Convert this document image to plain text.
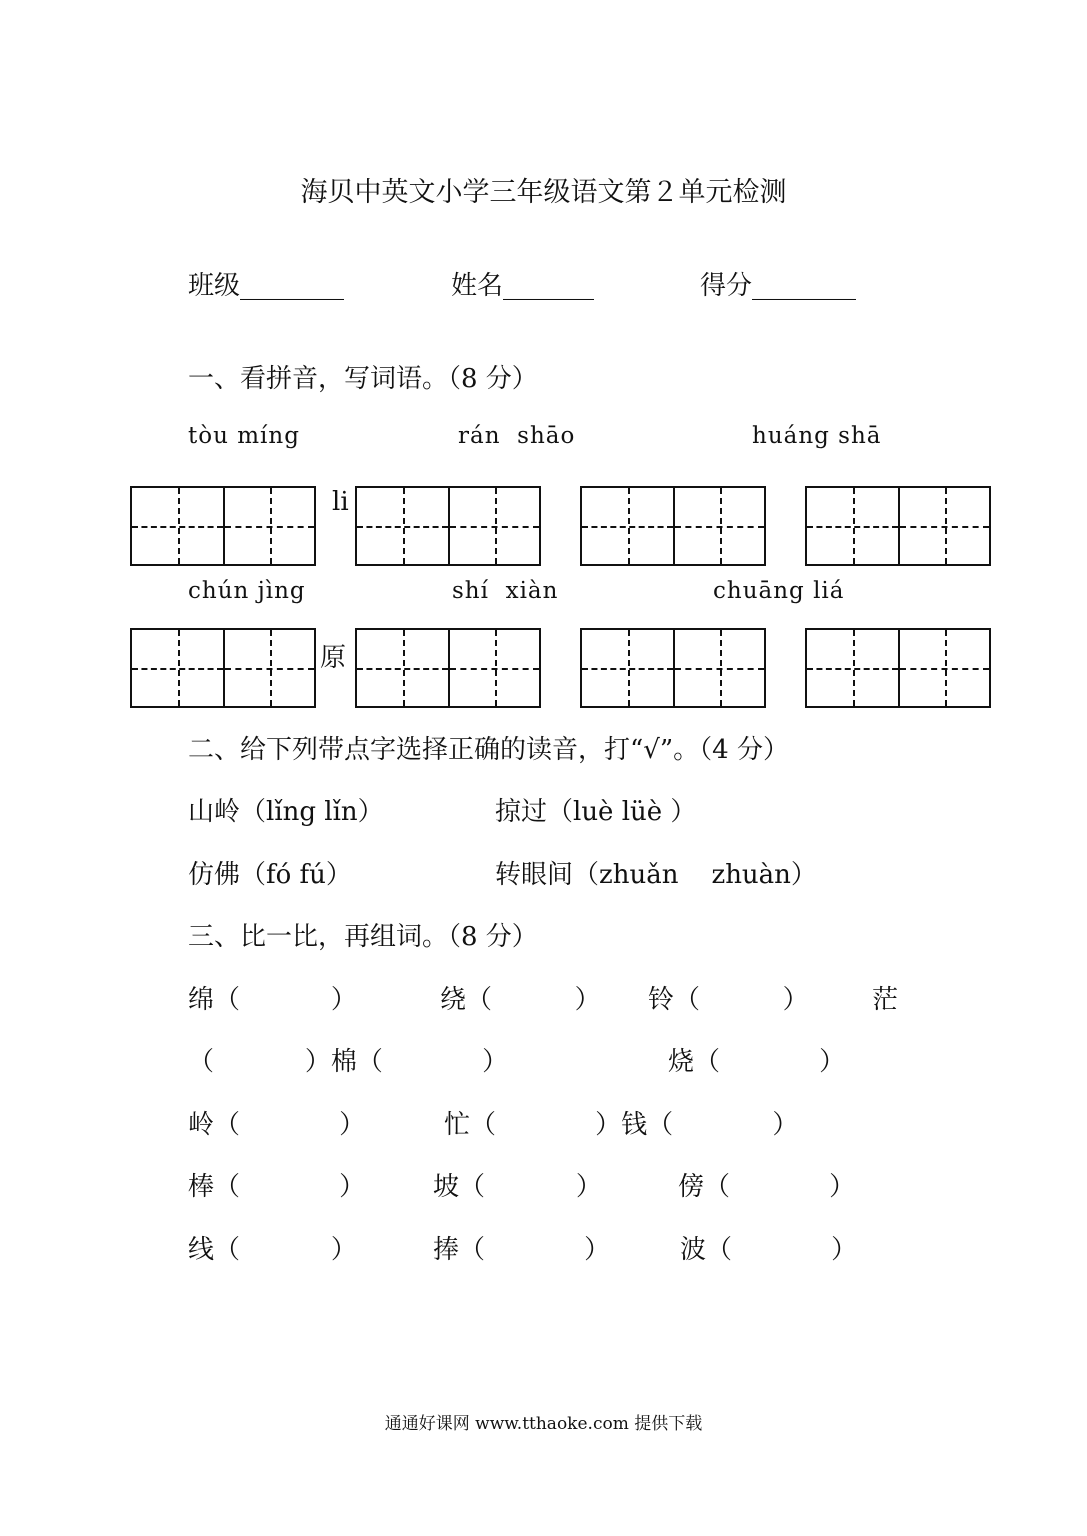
海贝中英文小学三年级语文第２单元检测
班级________	姓名_______	得分________
一、看拼音，写词语。（8 分）
tòu míng	rán  shāo	huáng shā
li
chún jìng	shí  xiàn	chuāng liá
原
二、给下列带点字选择正确的读音，打“√”。（4 分）
山岭（lǐng lǐn）	掠过（luè lüè ）
仿佛（fó fú）	转眼间（zhuǎn    zhuàn）
三、比一比，再组词。（8 分）
绵（           ）	绕（          ） 铃（          ） 茫
（           ）棉（            ）	烧（            ）
岭（            ）	忙（            ）钱（            ）
棒（            ）	坡（           ）	傍（            ）
线（           ）	捧（            ）	波（            ）
通通好课网 www.tthaoke.com 提供下载
